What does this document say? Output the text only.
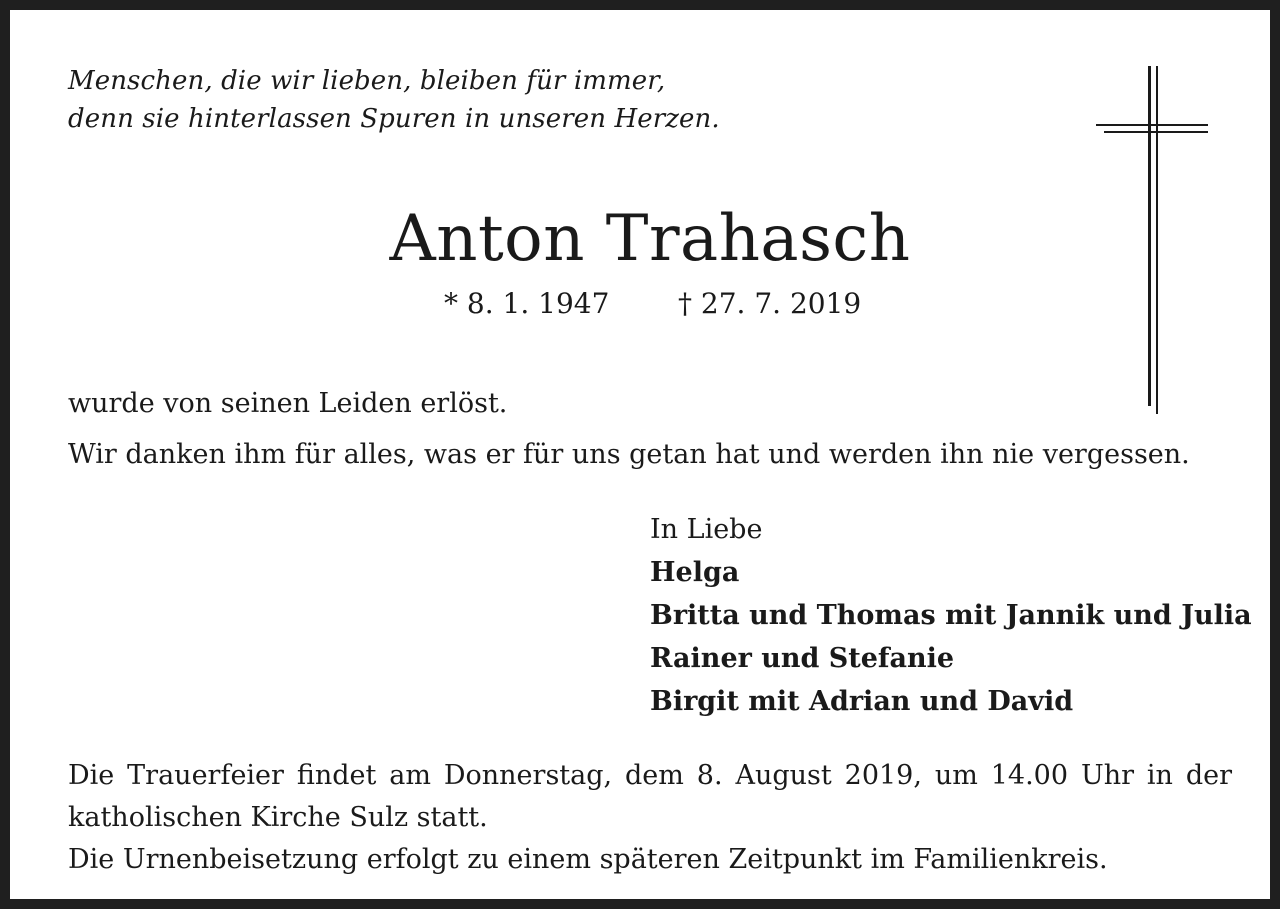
Menschen, die wir lieben, bleiben für immer,
denn sie hinterlassen Spuren in unseren Herzen.
Anton Trahasch
* 8. 1. 1947 † 27. 7. 2019
wurde von seinen Leiden erlöst.
Wir danken ihm für alles, was er für uns getan hat und werden ihn nie vergessen.
In Liebe
Helga
Britta und Thomas mit Jannik und Julia
Rainer und Stefanie
Birgit mit Adrian und David
Die Trauerfeier findet am Donnerstag, dem 8. August 2019, um 14.00 Uhr in der katholischen Kirche Sulz statt.
Die Urnenbeisetzung erfolgt zu einem späteren Zeitpunkt im Familienkreis.
